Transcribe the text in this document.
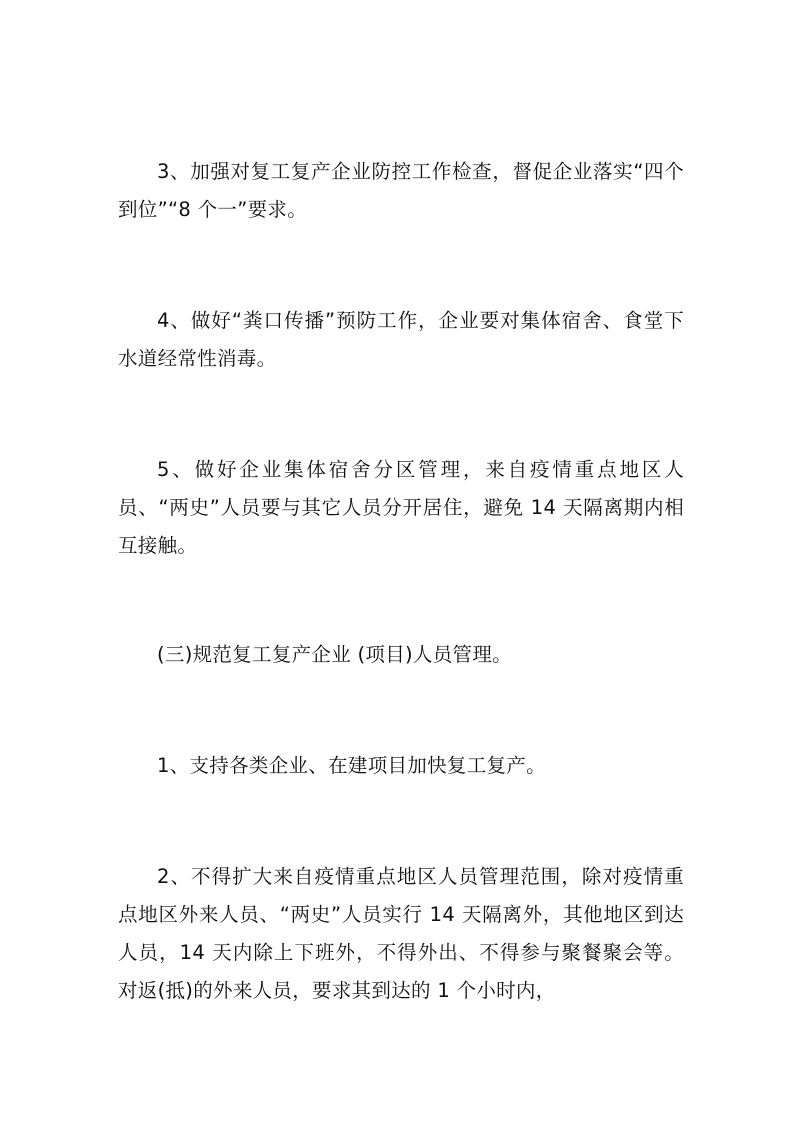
3、加强对复工复产企业防控工作检查，督促企业落实“四个到位”“8 个一”要求。

4、做好“粪口传播”预防工作，企业要对集体宿舍、食堂下水道经常性消毒。

5、做好企业集体宿舍分区管理，来自疫情重点地区人员、“两史”人员要与其它人员分开居住，避免 14 天隔离期内相互接触。

(三)规范复工复产企业 (项目)人员管理。

1、支持各类企业、在建项目加快复工复产。

2、不得扩大来自疫情重点地区人员管理范围，除对疫情重点地区外来人员、“两史”人员实行 14 天隔离外，其他地区到达人员，14 天内除上下班外，不得外出、不得参与聚餐聚会等。对返(抵)的外来人员，要求其到达的 1 个小时内，
